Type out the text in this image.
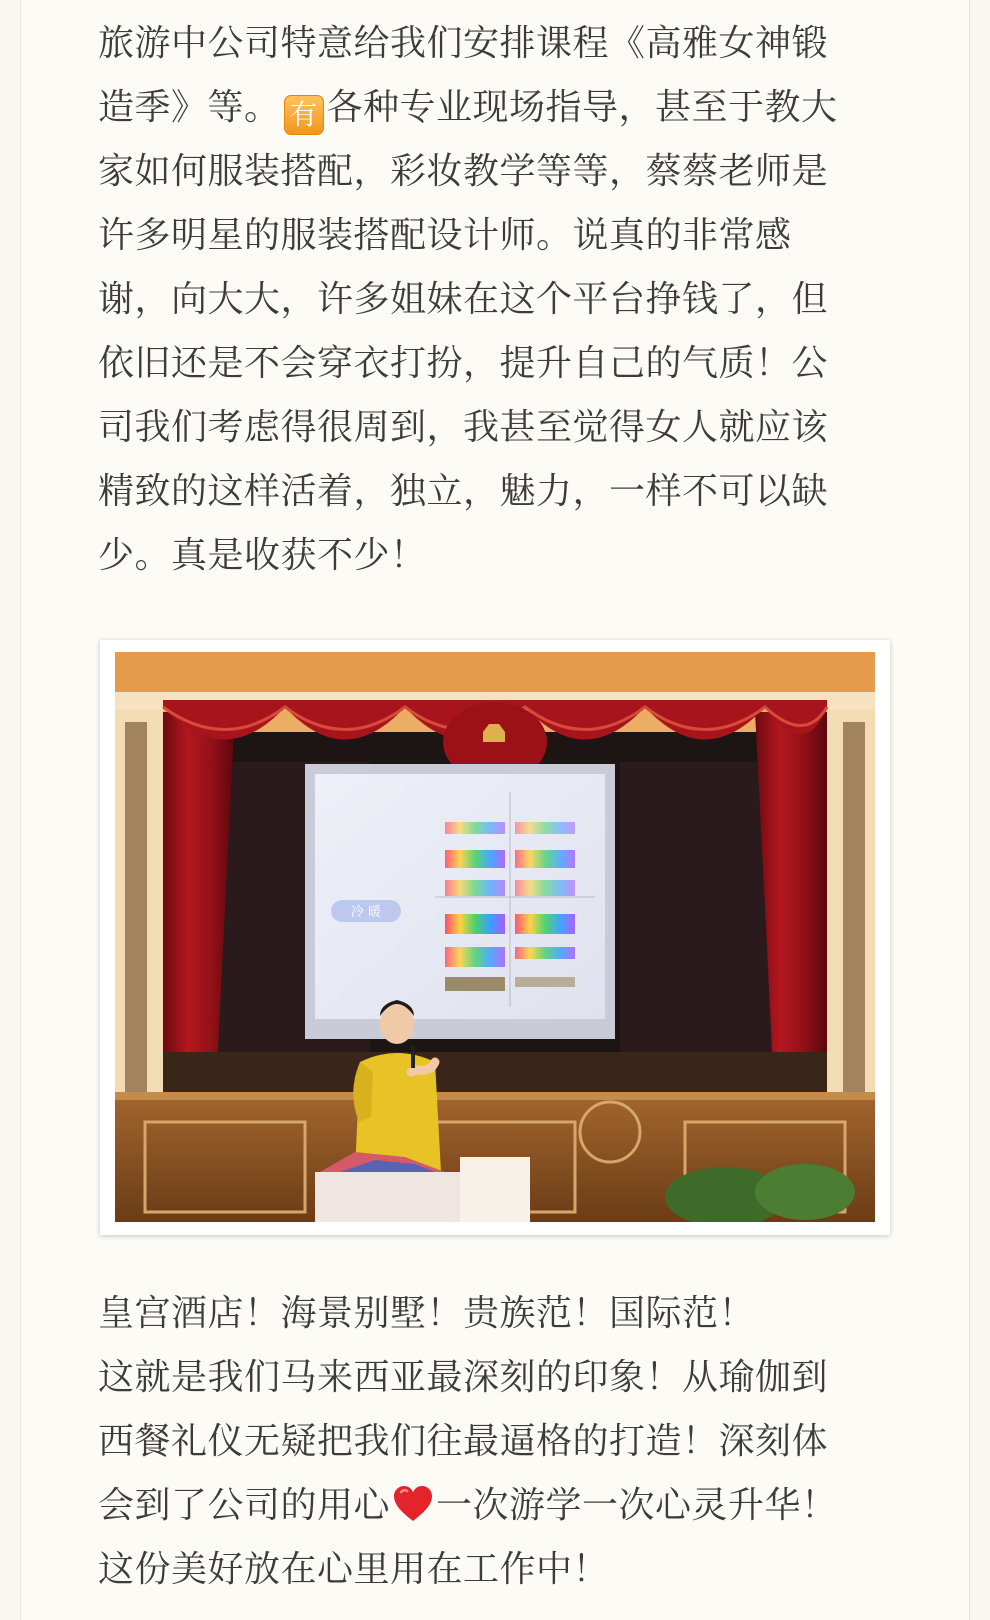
旅游中公司特意给我们安排课程《高雅女神锻
造季》等。 有 各种专业现场指导，甚至于教大
家如何服装搭配，彩妆教学等等，蔡蔡老师是
许多明星的服装搭配设计师。说真的非常感
谢，向大大，许多姐妹在这个平台挣钱了，但
依旧还是不会穿衣打扮，提升自己的气质！公
司我们考虑得很周到，我甚至觉得女人就应该
精致的这样活着，独立，魅力，一样不可以缺
少。真是收获不少！

冷 暖

皇宫酒店！海景别墅！贵族范！国际范！
这就是我们马来西亚最深刻的印象！从瑜伽到
西餐礼仪无疑把我们往最逼格的打造！深刻体
会到了公司的用心 一次游学一次心灵升华！
这份美好放在心里用在工作中！
